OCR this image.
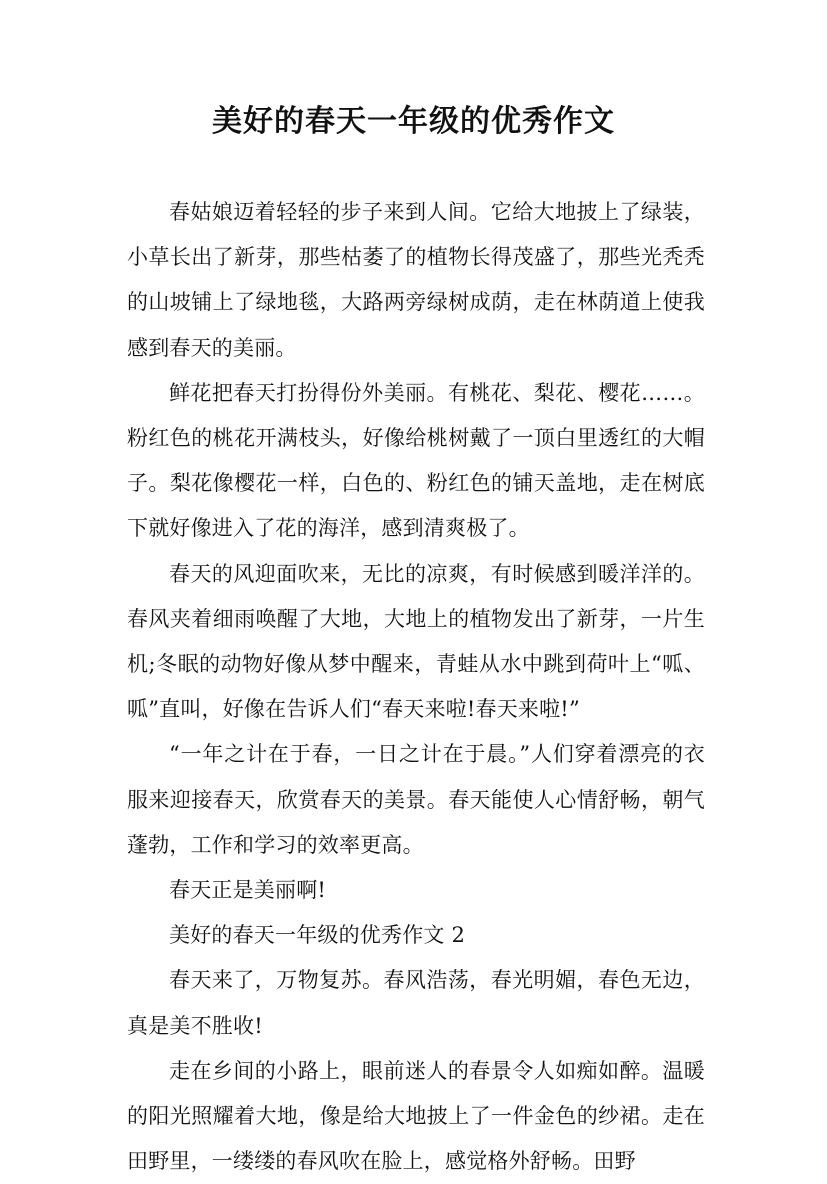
美好的春天一年级的优秀作文

春姑娘迈着轻轻的步子来到人间。它给大地披上了绿装，小草长出了新芽，那些枯萎了的植物长得茂盛了，那些光秃秃的山坡铺上了绿地毯，大路两旁绿树成荫，走在林荫道上使我感到春天的美丽。

鲜花把春天打扮得份外美丽。有桃花、梨花、樱花……。粉红色的桃花开满枝头，好像给桃树戴了一顶白里透红的大帽子。梨花像樱花一样，白色的、粉红色的铺天盖地，走在树底下就好像进入了花的海洋，感到清爽极了。

春天的风迎面吹来，无比的凉爽，有时候感到暖洋洋的。春风夹着细雨唤醒了大地，大地上的植物发出了新芽，一片生机;冬眠的动物好像从梦中醒来，青蛙从水中跳到荷叶上“呱、呱”直叫，好像在告诉人们“春天来啦!春天来啦!”

“一年之计在于春，一日之计在于晨。”人们穿着漂亮的衣服来迎接春天，欣赏春天的美景。春天能使人心情舒畅，朝气蓬勃，工作和学习的效率更高。

春天正是美丽啊!

美好的春天一年级的优秀作文 2

春天来了，万物复苏。春风浩荡，春光明媚，春色无边，真是美不胜收!

走在乡间的小路上，眼前迷人的春景令人如痴如醉。温暖的阳光照耀着大地，像是给大地披上了一件金色的纱裙。走在田野里，一缕缕的春风吹在脸上，感觉格外舒畅。田野
